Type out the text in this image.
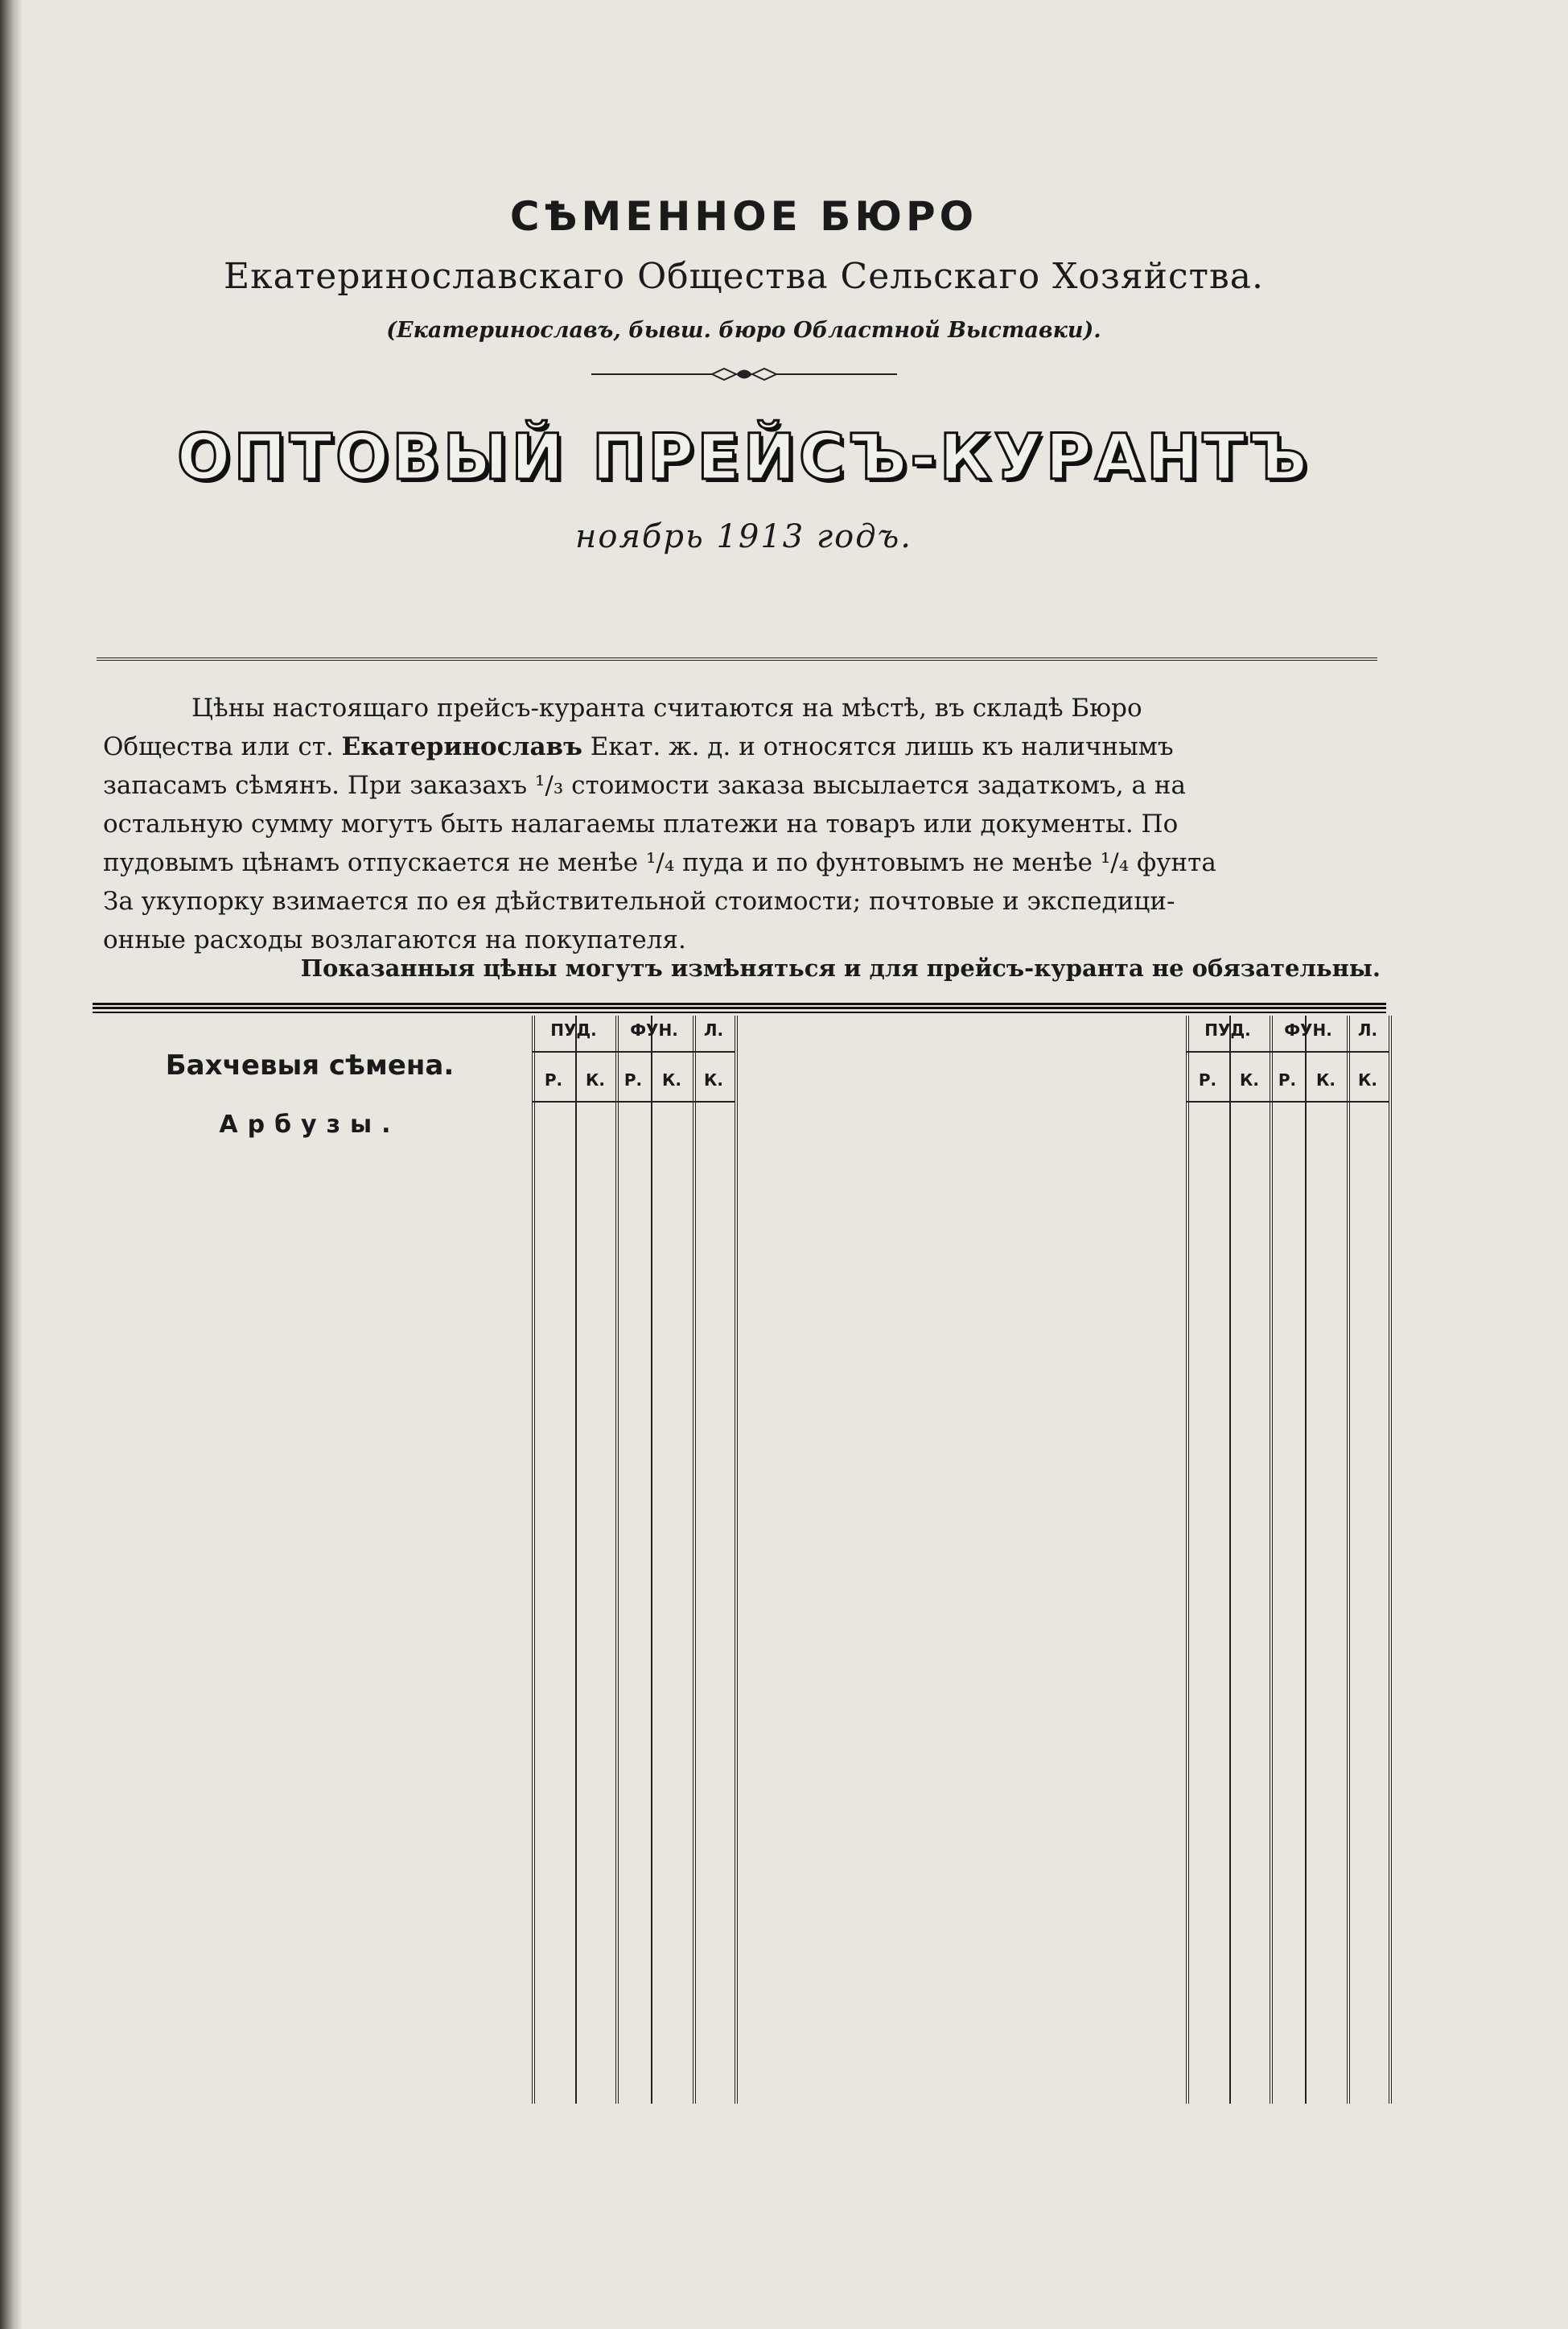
СѢМЕННОЕ БЮРО
Екатеринославскаго Общества Сельскаго Хозяйства.
(Екатеринославъ, бывш. бюро Областной Выставки).
ОПТОВЫЙ ПРЕЙСЪ-КУРАНТЪ
ноябрь 1913 годъ.

Цѣны настоящаго прейсъ-куранта считаются на мѣстѣ, въ складѣ Бюро

Общества или ст. Екатеринославъ Екат. ж. д. и относятся лишь къ наличнымъ

запасамъ сѣмянъ. При заказахъ ¹/₃ стоимости заказа высылается задаткомъ, а на

остальную сумму могутъ быть налагаемы платежи на товаръ или документы. По

пудовымъ цѣнамъ отпускается не менѣе ¹/₄ пуда и по фунтовымъ не менѣе ¹/₄ фунта

За укупорку взимается по ея дѣйствительной стоимости; почтовые и экспедици-

онные расходы возлагаются на покупателя.

Показанныя цѣны могутъ измѣняться и для прейсъ-куранта не обязательны.
ПУД.	ФУН.	Л.
Р.	К.	Р.	К.	К.
Бахчевыя сѣмена.
Арбузы.
ПУД.	ФУН.	Л.
Р.	К.	Р.	К.	К.
